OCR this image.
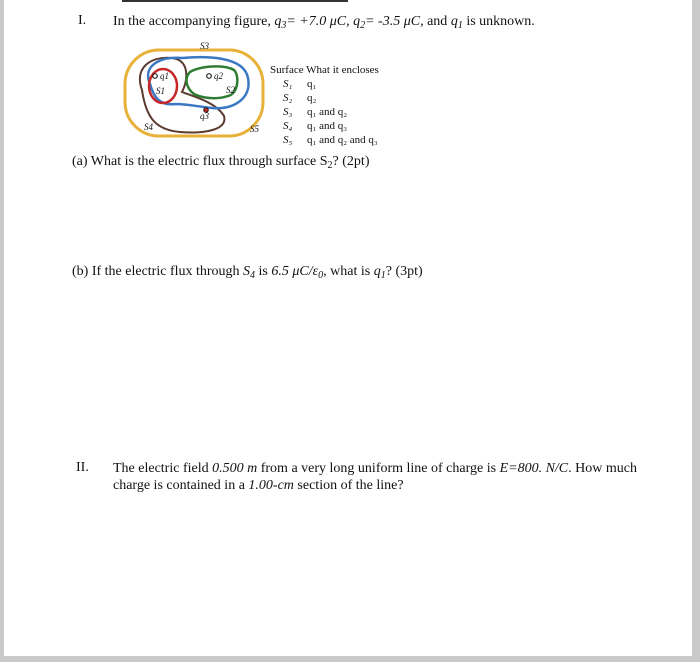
I. In the accompanying figure, $q_3= +7.0$ μC, $q_2= -3.5$ μC, and $q_1$ is unknown.
q1	q2
q3
S1	S2
S3
S4	S5
Surface What it encloses
S₁	q₁
S₂	q₂
S₃	q₁ and q₂
S₄	q₁ and q₃
S₅	q₁ and q₂ and q₃
(a) What is the electric flux through surface $S_2$? (2pt)
(b) If the electric flux through $S_4$ is 6.5 $\mu C/\varepsilon_0$, what is $q_1$? (3pt)
II. The electric field 0.500 m from a very long uniform line of charge is E=800. N/C. How much
charge is contained in a 1.00-cm section of the line?
